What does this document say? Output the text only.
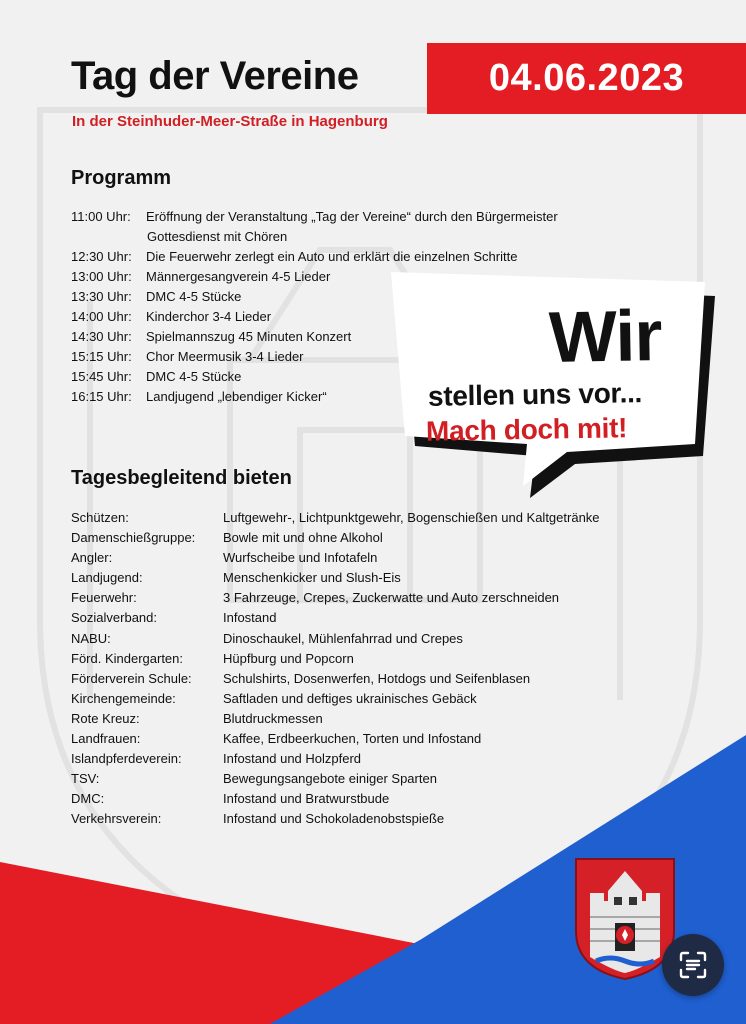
Tag der Vereine	04.06.2023
In der Steinhuder-Meer-Straße in Hagenburg
Programm
11:00 Uhr:	Eröffnung der Veranstaltung „Tag der Vereine“ durch den Bürgermeister
Gottesdienst mit Chören
12:30 Uhr:	Die Feuerwehr zerlegt ein Auto und erklärt die einzelnen Schritte
13:00 Uhr:	Männergesangverein 4-5 Lieder
13:30 Uhr:	DMC 4-5 Stücke
14:00 Uhr:	Kinderchor 3-4 Lieder
14:30 Uhr:	Spielmannszug 45 Minuten Konzert
15:15 Uhr:	Chor Meermusik 3-4 Lieder
15:45 Uhr:	DMC 4-5 Stücke
16:15 Uhr:	Landjugend „lebendiger Kicker“
Wir
stellen uns vor...
Mach doch mit!
Tagesbegleitend bieten
Schützen:	Luftgewehr-, Lichtpunktgewehr, Bogenschießen und Kaltgetränke
Damenschießgruppe:	Bowle mit und ohne Alkohol
Angler:	Wurfscheibe und Infotafeln
Landjugend:	Menschenkicker und Slush-Eis
Feuerwehr:	3 Fahrzeuge, Crepes, Zuckerwatte und Auto zerschneiden
Sozialverband:	Infostand
NABU:	Dinoschaukel, Mühlenfahrrad und Crepes
Förd. Kindergarten:	Hüpfburg und Popcorn
Förderverein Schule:	Schulshirts, Dosenwerfen, Hotdogs und Seifenblasen
Kirchengemeinde:	Saftladen und deftiges ukrainisches Gebäck
Rote Kreuz:	Blutdruckmessen
Landfrauen:	Kaffee, Erdbeerkuchen, Torten und Infostand
Islandpferdeverein:	Infostand und Holzpferd
TSV:	Bewegungsangebote einiger Sparten
DMC:	Infostand und Bratwurstbude
Verkehrsverein:	Infostand und Schokoladenobstspieße
